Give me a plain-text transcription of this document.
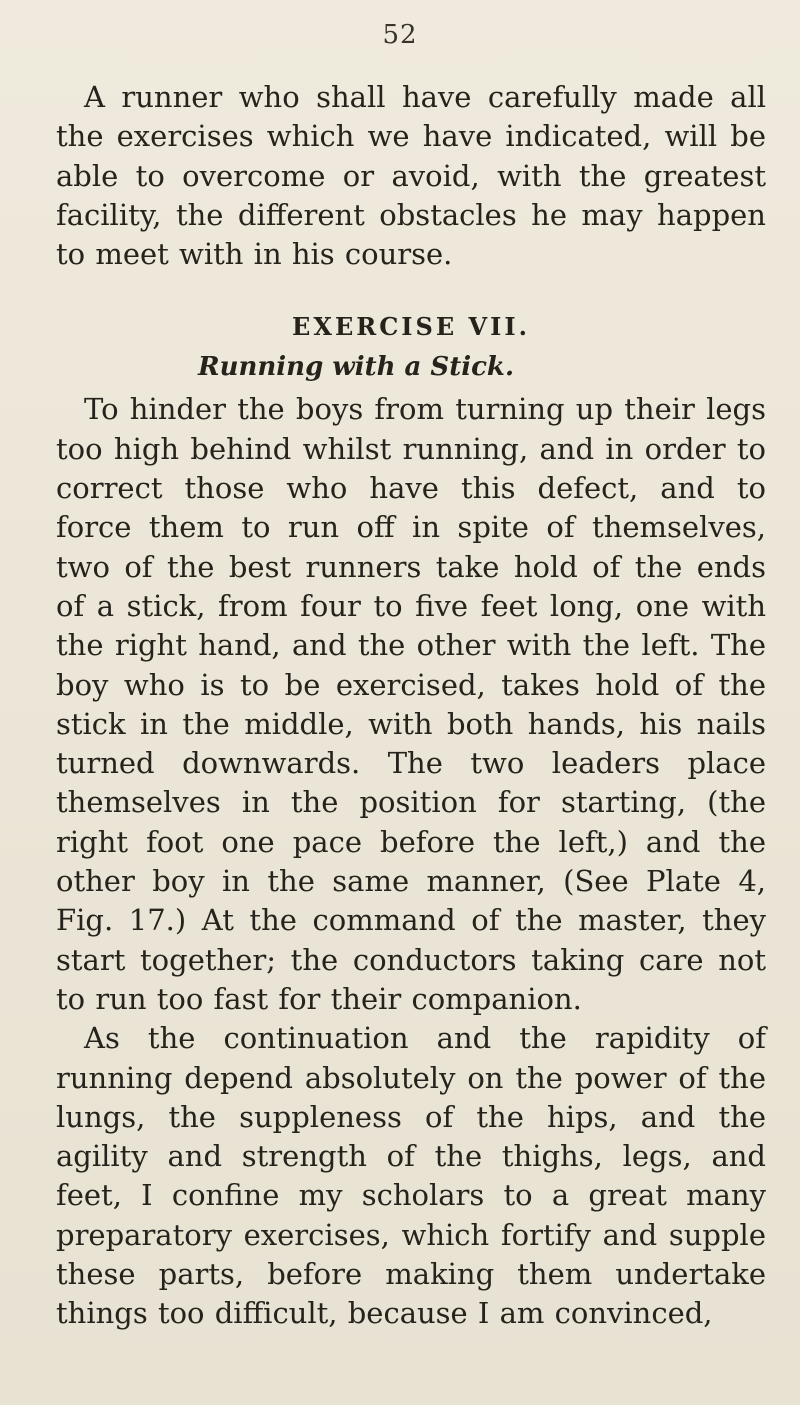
52

A runner who shall have carefully made all the exercises which we have indicated, will be able to overcome or avoid, with the greatest facility, the different obstacles he may happen to meet with in his course.

EXERCISE VII.
Running with a Stick.

To hinder the boys from turning up their legs too high behind whilst running, and in order to correct those who have this defect, and to force them to run off in spite of themselves, two of the best runners take hold of the ends of a stick, from four to five feet long, one with the right hand, and the other with the left. The boy who is to be exercised, takes hold of the stick in the middle, with both hands, his nails turned downwards. The two leaders place themselves in the position for starting, (the right foot one pace before the left,) and the other boy in the same manner, (See Plate 4, Fig. 17.) At the command of the master, they start together; the conductors taking care not to run too fast for their companion.

As the continuation and the rapidity of running depend absolutely on the power of the lungs, the suppleness of the hips, and the agility and strength of the thighs, legs, and feet, I confine my scholars to a great many preparatory exercises, which fortify and supple these parts, before making them undertake things too difficult, because I am convinced,
